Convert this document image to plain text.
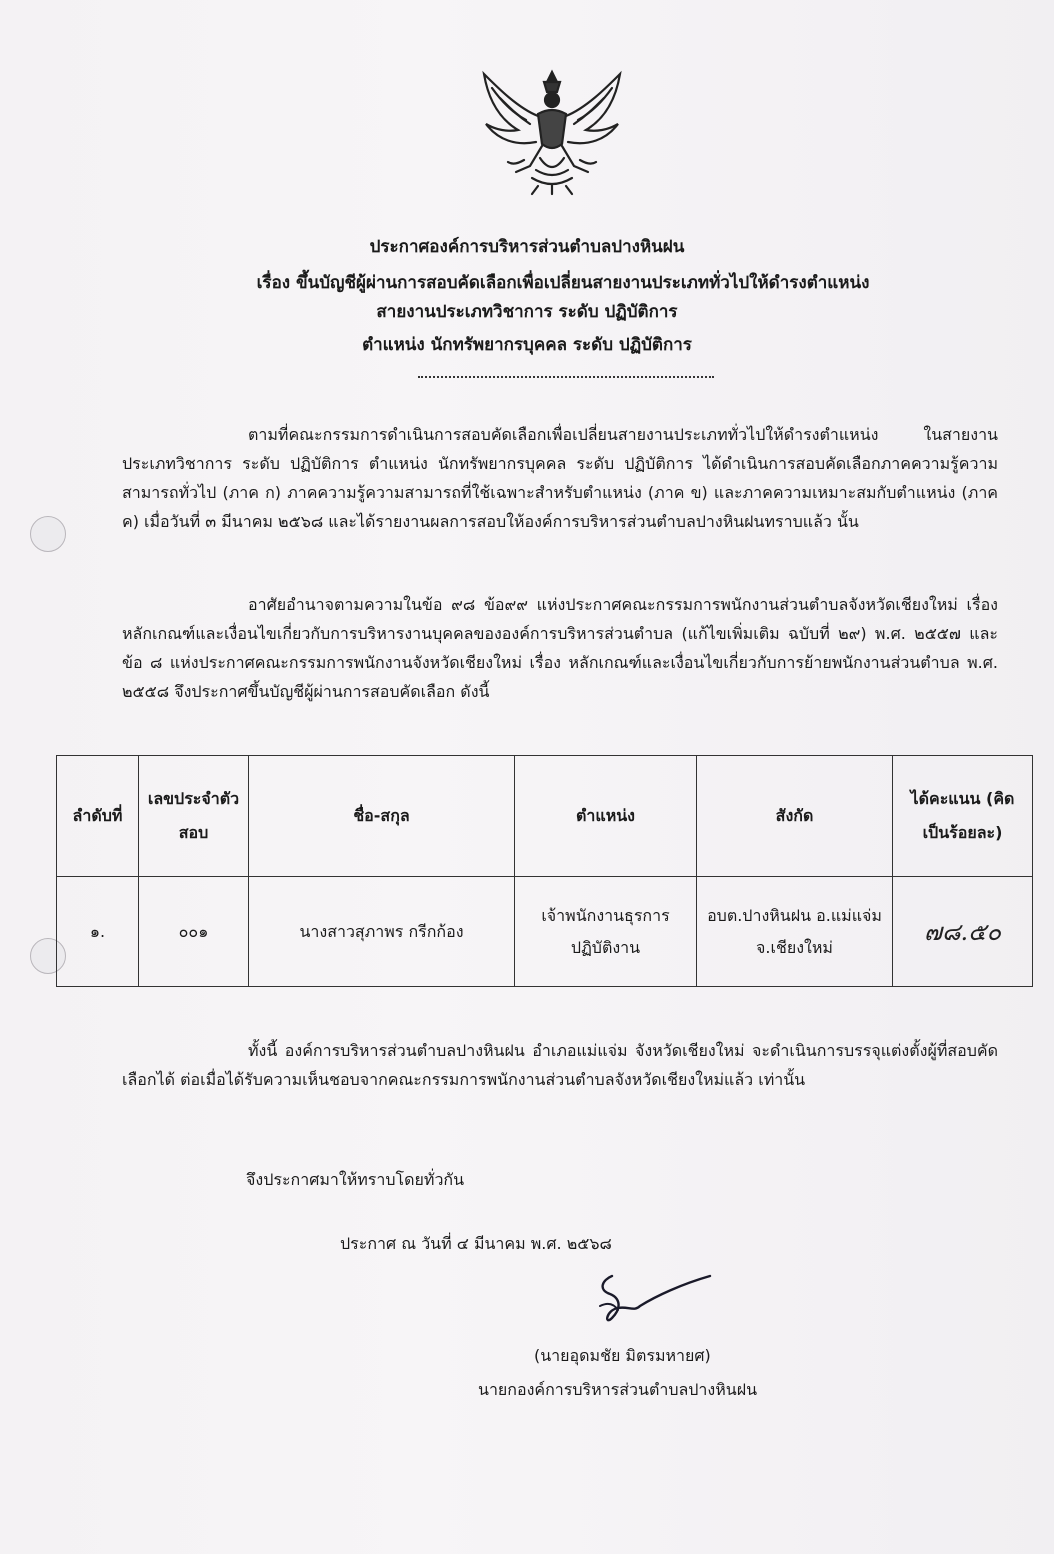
ประกาศองค์การบริหารส่วนตำบลปางหินฝน

เรื่อง ขึ้นบัญชีผู้ผ่านการสอบคัดเลือกเพื่อเปลี่ยนสายงานประเภททั่วไปให้ดำรงตำแหน่ง

สายงานประเภทวิชาการ ระดับ ปฏิบัติการ

ตำแหน่ง นักทรัพยากรบุคคล ระดับ ปฏิบัติการ

ตามที่คณะกรรมการดำเนินการสอบคัดเลือกเพื่อเปลี่ยนสายงานประเภททั่วไปให้ดำรงตำแหน่ง ในสายงานประเภทวิชาการ ระดับ ปฏิบัติการ ตำแหน่ง นักทรัพยากรบุคคล ระดับ ปฏิบัติการ ได้ดำเนินการสอบคัดเลือกภาคความรู้ความสามารถทั่วไป (ภาค ก) ภาคความรู้ความสามารถที่ใช้เฉพาะสำหรับตำแหน่ง (ภาค ข) และภาคความเหมาะสมกับตำแหน่ง (ภาค ค) เมื่อวันที่ ๓ มีนาคม ๒๕๖๘ และได้รายงานผลการสอบให้องค์การบริหารส่วนตำบลปางหินฝนทราบแล้ว นั้น

อาศัยอำนาจตามความในข้อ ๙๘ ข้อ๙๙ แห่งประกาศคณะกรรมการพนักงานส่วนตำบลจังหวัดเชียงใหม่ เรื่อง หลักเกณฑ์และเงื่อนไขเกี่ยวกับการบริหารงานบุคคลขององค์การบริหารส่วนตำบล (แก้ไขเพิ่มเติม ฉบับที่ ๒๙) พ.ศ. ๒๕๕๗ และข้อ ๘ แห่งประกาศคณะกรรมการพนักงานจังหวัดเชียงใหม่ เรื่อง หลักเกณฑ์และเงื่อนไขเกี่ยวกับการย้ายพนักงานส่วนตำบล พ.ศ. ๒๕๕๘ จึงประกาศขึ้นบัญชีผู้ผ่านการสอบคัดเลือก ดังนี้

ลำดับที่	เลขประจำตัวสอบ	ชื่อ-สกุล	ตำแหน่ง	สังกัด	ได้คะแนน (คิดเป็นร้อยละ)
๑.	๐๐๑	นางสาวสุภาพร กรีกก้อง	เจ้าพนักงานธุรการปฏิบัติงาน	อบต.ปางหินฝน อ.แม่แจ่ม จ.เชียงใหม่	๗๘.๕๐

ทั้งนี้ องค์การบริหารส่วนตำบลปางหินฝน อำเภอแม่แจ่ม จังหวัดเชียงใหม่ จะดำเนินการบรรจุแต่งตั้งผู้ที่สอบคัดเลือกได้ ต่อเมื่อได้รับความเห็นชอบจากคณะกรรมการพนักงานส่วนตำบลจังหวัดเชียงใหม่แล้ว เท่านั้น

จึงประกาศมาให้ทราบโดยทั่วกัน

ประกาศ ณ วันที่ ๔ มีนาคม พ.ศ. ๒๕๖๘

(นายอุดมชัย มิตรมหายศ)

นายกองค์การบริหารส่วนตำบลปางหินฝน
